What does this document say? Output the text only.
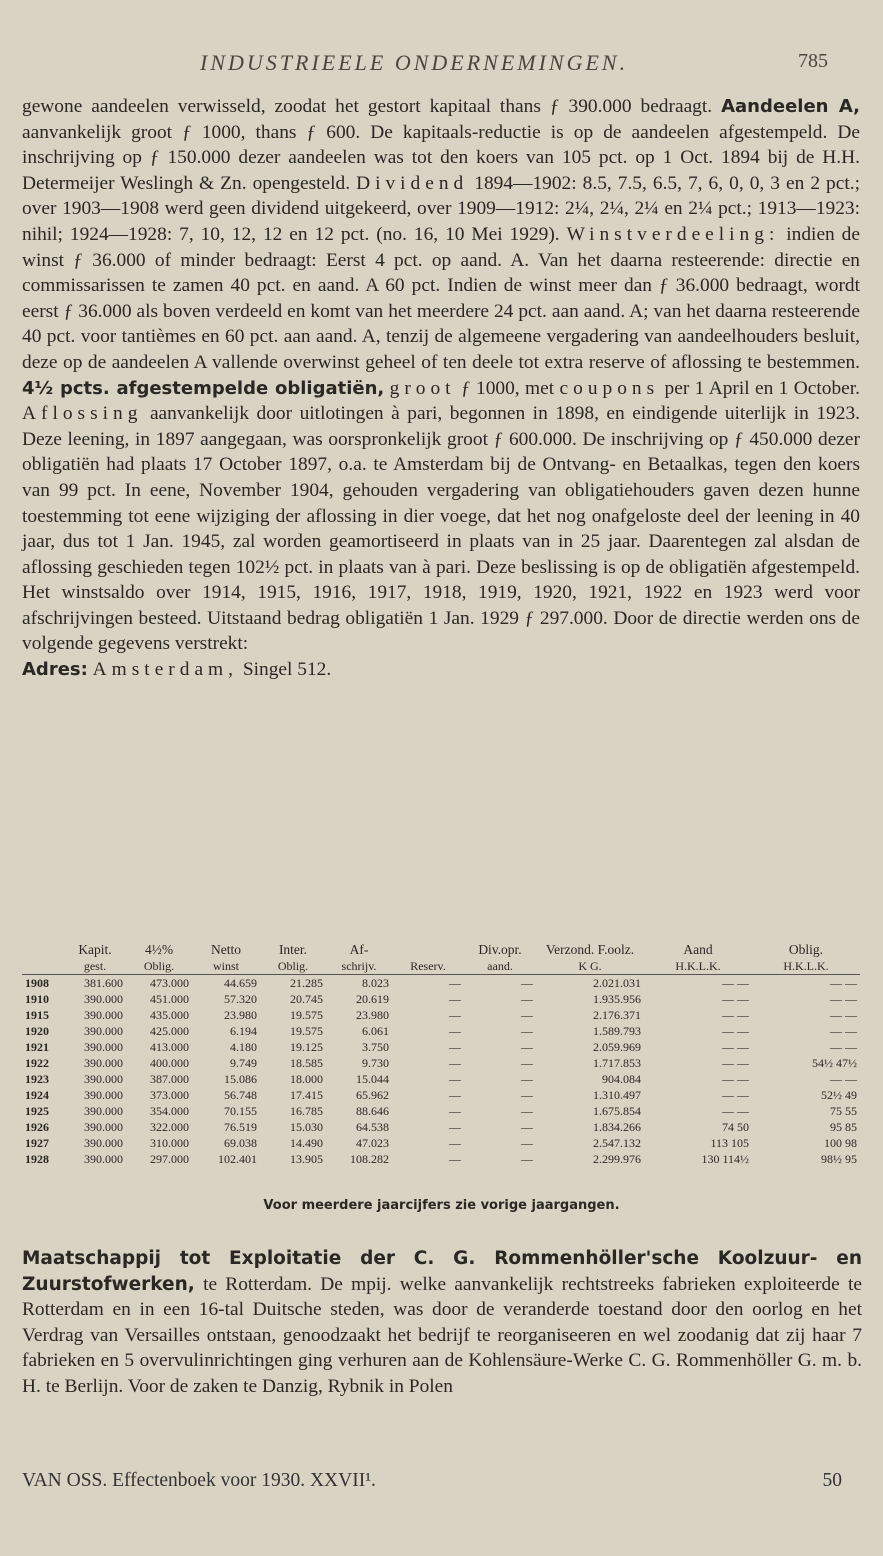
INDUSTRIEELE ONDERNEMINGEN.	785

gewone aandeelen verwisseld, zoodat het gestort kapitaal thans ƒ 390.000 bedraagt. Aandeelen A, aanvankelijk groot ƒ 1000, thans ƒ 600. De kapitaals-reductie is op de aandeelen afgestempeld. De inschrijving op ƒ 150.000 dezer aandeelen was tot den koers van 105 pct. op 1 Oct. 1894 bij de H.H. Determeijer Weslingh & Zn. opengesteld. Dividend 1894—1902: 8.5, 7.5, 6.5, 7, 6, 0, 0, 3 en 2 pct.; over 1903—1908 werd geen dividend uitgekeerd, over 1909—1912: 2¼, 2¼, 2¼ en 2¼ pct.; 1913—1923: nihil; 1924—1928: 7, 10, 12, 12 en 12 pct. (no. 16, 10 Mei 1929). Winstverdeeling: indien de winst ƒ 36.000 of minder bedraagt: Eerst 4 pct. op aand. A. Van het daarna resteerende: directie en commissarissen te zamen 40 pct. en aand. A 60 pct. Indien de winst meer dan ƒ 36.000 bedraagt, wordt eerst ƒ 36.000 als boven verdeeld en komt van het meerdere 24 pct. aan aand. A; van het daarna resteerende 40 pct. voor tantièmes en 60 pct. aan aand. A, tenzij de algemeene vergadering van aandeelhouders besluit, deze op de aandeelen A vallende overwinst geheel of ten deele tot extra reserve of aflossing te bestemmen. 4½ pcts. afgestempelde obligatiën, groot ƒ 1000, met coupons per 1 April en 1 October. Aflossing aanvankelijk door uitlotingen à pari, begonnen in 1898, en eindigende uiterlijk in 1923. Deze leening, in 1897 aangegaan, was oorspronkelijk groot ƒ 600.000. De inschrijving op ƒ 450.000 dezer obligatiën had plaats 17 October 1897, o.a. te Amsterdam bij de Ontvang- en Betaalkas, tegen den koers van 99 pct. In eene, November 1904, gehouden vergadering van obligatiehouders gaven dezen hunne toestemming tot eene wijziging der aflossing in dier voege, dat het nog onafgeloste deel der leening in 40 jaar, dus tot 1 Jan. 1945, zal worden geamortiseerd in plaats van in 25 jaar. Daarentegen zal alsdan de aflossing geschieden tegen 102½ pct. in plaats van à pari. Deze beslissing is op de obligatiën afgestempeld. Het winstsaldo over 1914, 1915, 1916, 1917, 1918, 1919, 1920, 1921, 1922 en 1923 werd voor afschrijvingen besteed. Uitstaand bedrag obligatiën 1 Jan. 1929 ƒ 297.000. Door de directie werden ons de volgende gegevens verstrekt:

Adres: Amsterdam, Singel 512.

	Kapit.	4½%	Netto	Inter.	Af-		Div.opr.	Verzond. F.oolz.	Aand	Oblig.
	gest.	Oblig.	winst	Oblig.	schrijv.	Reserv.	aand.	K G.	H.K.L.K.	H.K.L.K.
1908	381.600	473.000	44.659	21.285	8.023	—	—	2.021.031	— —	— —
1910	390.000	451.000	57.320	20.745	20.619	—	—	1.935.956	— —	— —
1915	390.000	435.000	23.980	19.575	23.980	—	—	2.176.371	— —	— —
1920	390.000	425.000	6.194	19.575	6.061	—	—	1.589.793	— —	— —
1921	390.000	413.000	4.180	19.125	3.750	—	—	2.059.969	— —	— —
1922	390.000	400.000	9.749	18.585	9.730	—	—	1.717.853	— —	54½ 47½
1923	390.000	387.000	15.086	18.000	15.044	—	—	904.084	— —	— —
1924	390.000	373.000	56.748	17.415	65.962	—	—	1.310.497	— —	52½ 49
1925	390.000	354.000	70.155	16.785	88.646	—	—	1.675.854	— —	75 55
1926	390.000	322.000	76.519	15.030	64.538	—	—	1.834.266	74 50	95 85
1927	390.000	310.000	69.038	14.490	47.023	—	—	2.547.132	113 105	100 98
1928	390.000	297.000	102.401	13.905	108.282	—	—	2.299.976	130 114½	98½ 95
Voor meerdere jaarcijfers zie vorige jaargangen.
Maatschappij tot Exploitatie der C. G. Rommenhöller'sche Koolzuur- en Zuurstofwerken, te Rotterdam. De mpij. welke aanvankelijk rechtstreeks fabrieken exploiteerde te Rotterdam en in een 16-tal Duitsche steden, was door de veranderde toestand door den oorlog en het Verdrag van Versailles ontstaan, genoodzaakt het bedrijf te reorganiseeren en wel zoodanig dat zij haar 7 fabrieken en 5 overvulinrichtingen ging verhuren aan de Kohlensäure-Werke C. G. Rommenhöller G. m. b. H. te Berlijn. Voor de zaken te Danzig, Rybnik in Polen
VAN OSS. Effectenboek voor 1930. XXVII¹.	50
